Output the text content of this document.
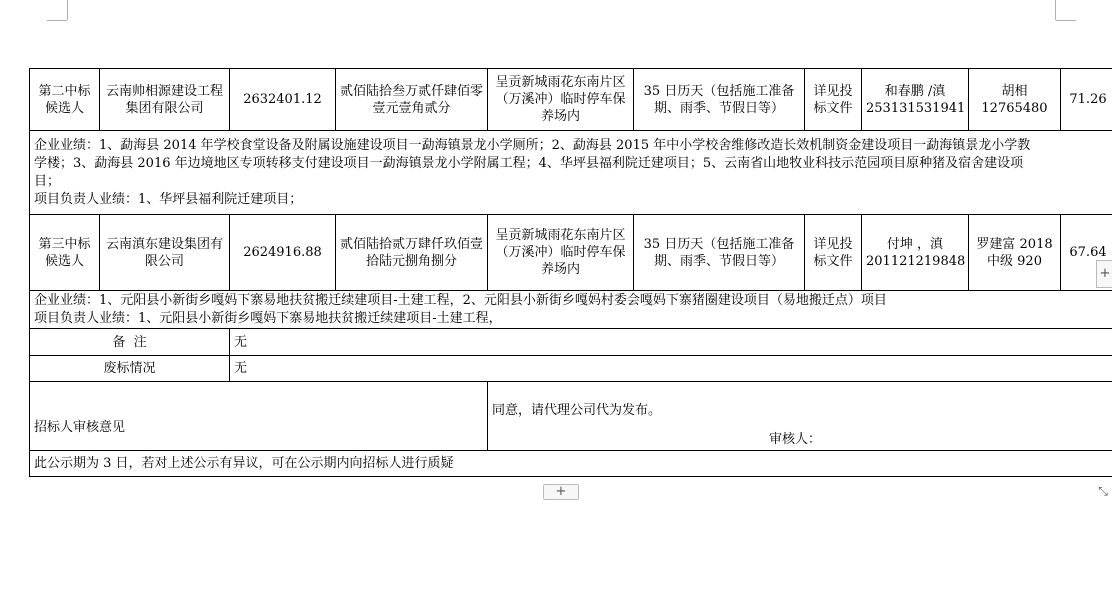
第二中标候选人	云南帅相源建设工程集团有限公司	2632401.12	贰佰陆拾叁万贰仟肆佰零壹元壹角贰分	呈贡新城雨花东南片区（万溪冲）临时停车保养场内	35 日历天（包括施工准备期、雨季、节假日等）	详见投标文件	和春鹏 /滇 253131531941	胡相 12765480	71.26

企业业绩：1、勐海县 2014 年学校食堂设备及附属设施建设项目一勐海镇景龙小学厕所；2、勐海县 2015 年中小学校舍维修改造长效机制资金建设项目一勐海镇景龙小学教
学楼；3、勐海县 2016 年边境地区专项转移支付建设项目一勐海镇景龙小学附属工程；4、华坪县福利院迁建项目；5、云南省山地牧业科技示范园项目原种猪及宿舍建设项
目；
项目负责人业绩：1、华坪县福利院迁建项目；									

第三中标候选人	云南滇东建设集团有限公司	2624916.88	贰佰陆拾贰万肆仟玖佰壹拾陆元捌角捌分	呈贡新城雨花东南片区（万溪冲）临时停车保养场内	35 日历天（包括施工准备期、雨季、节假日等）	详见投标文件	付坤 ，滇 201121219848	罗建富 2018 中级 920	67.64

企业业绩：1、元阳县小新街乡嘎妈下寨易地扶贫搬迁续建项目-土建工程，2、元阳县小新街乡嘎妈村委会嘎妈下寨猪圈建设项目（易地搬迁点）项目
项目负责人业绩：1、元阳县小新街乡嘎妈下寨易地扶贫搬迁续建项目-土建工程，									

备  注		无							
废标情况		无							
招标人审核意见				同意，请代理公司代为发布。
审核人：					

此公示期为 3 日，若对上述公示有异议，可在公示期内向招标人进行质疑									
+
+
⤡
